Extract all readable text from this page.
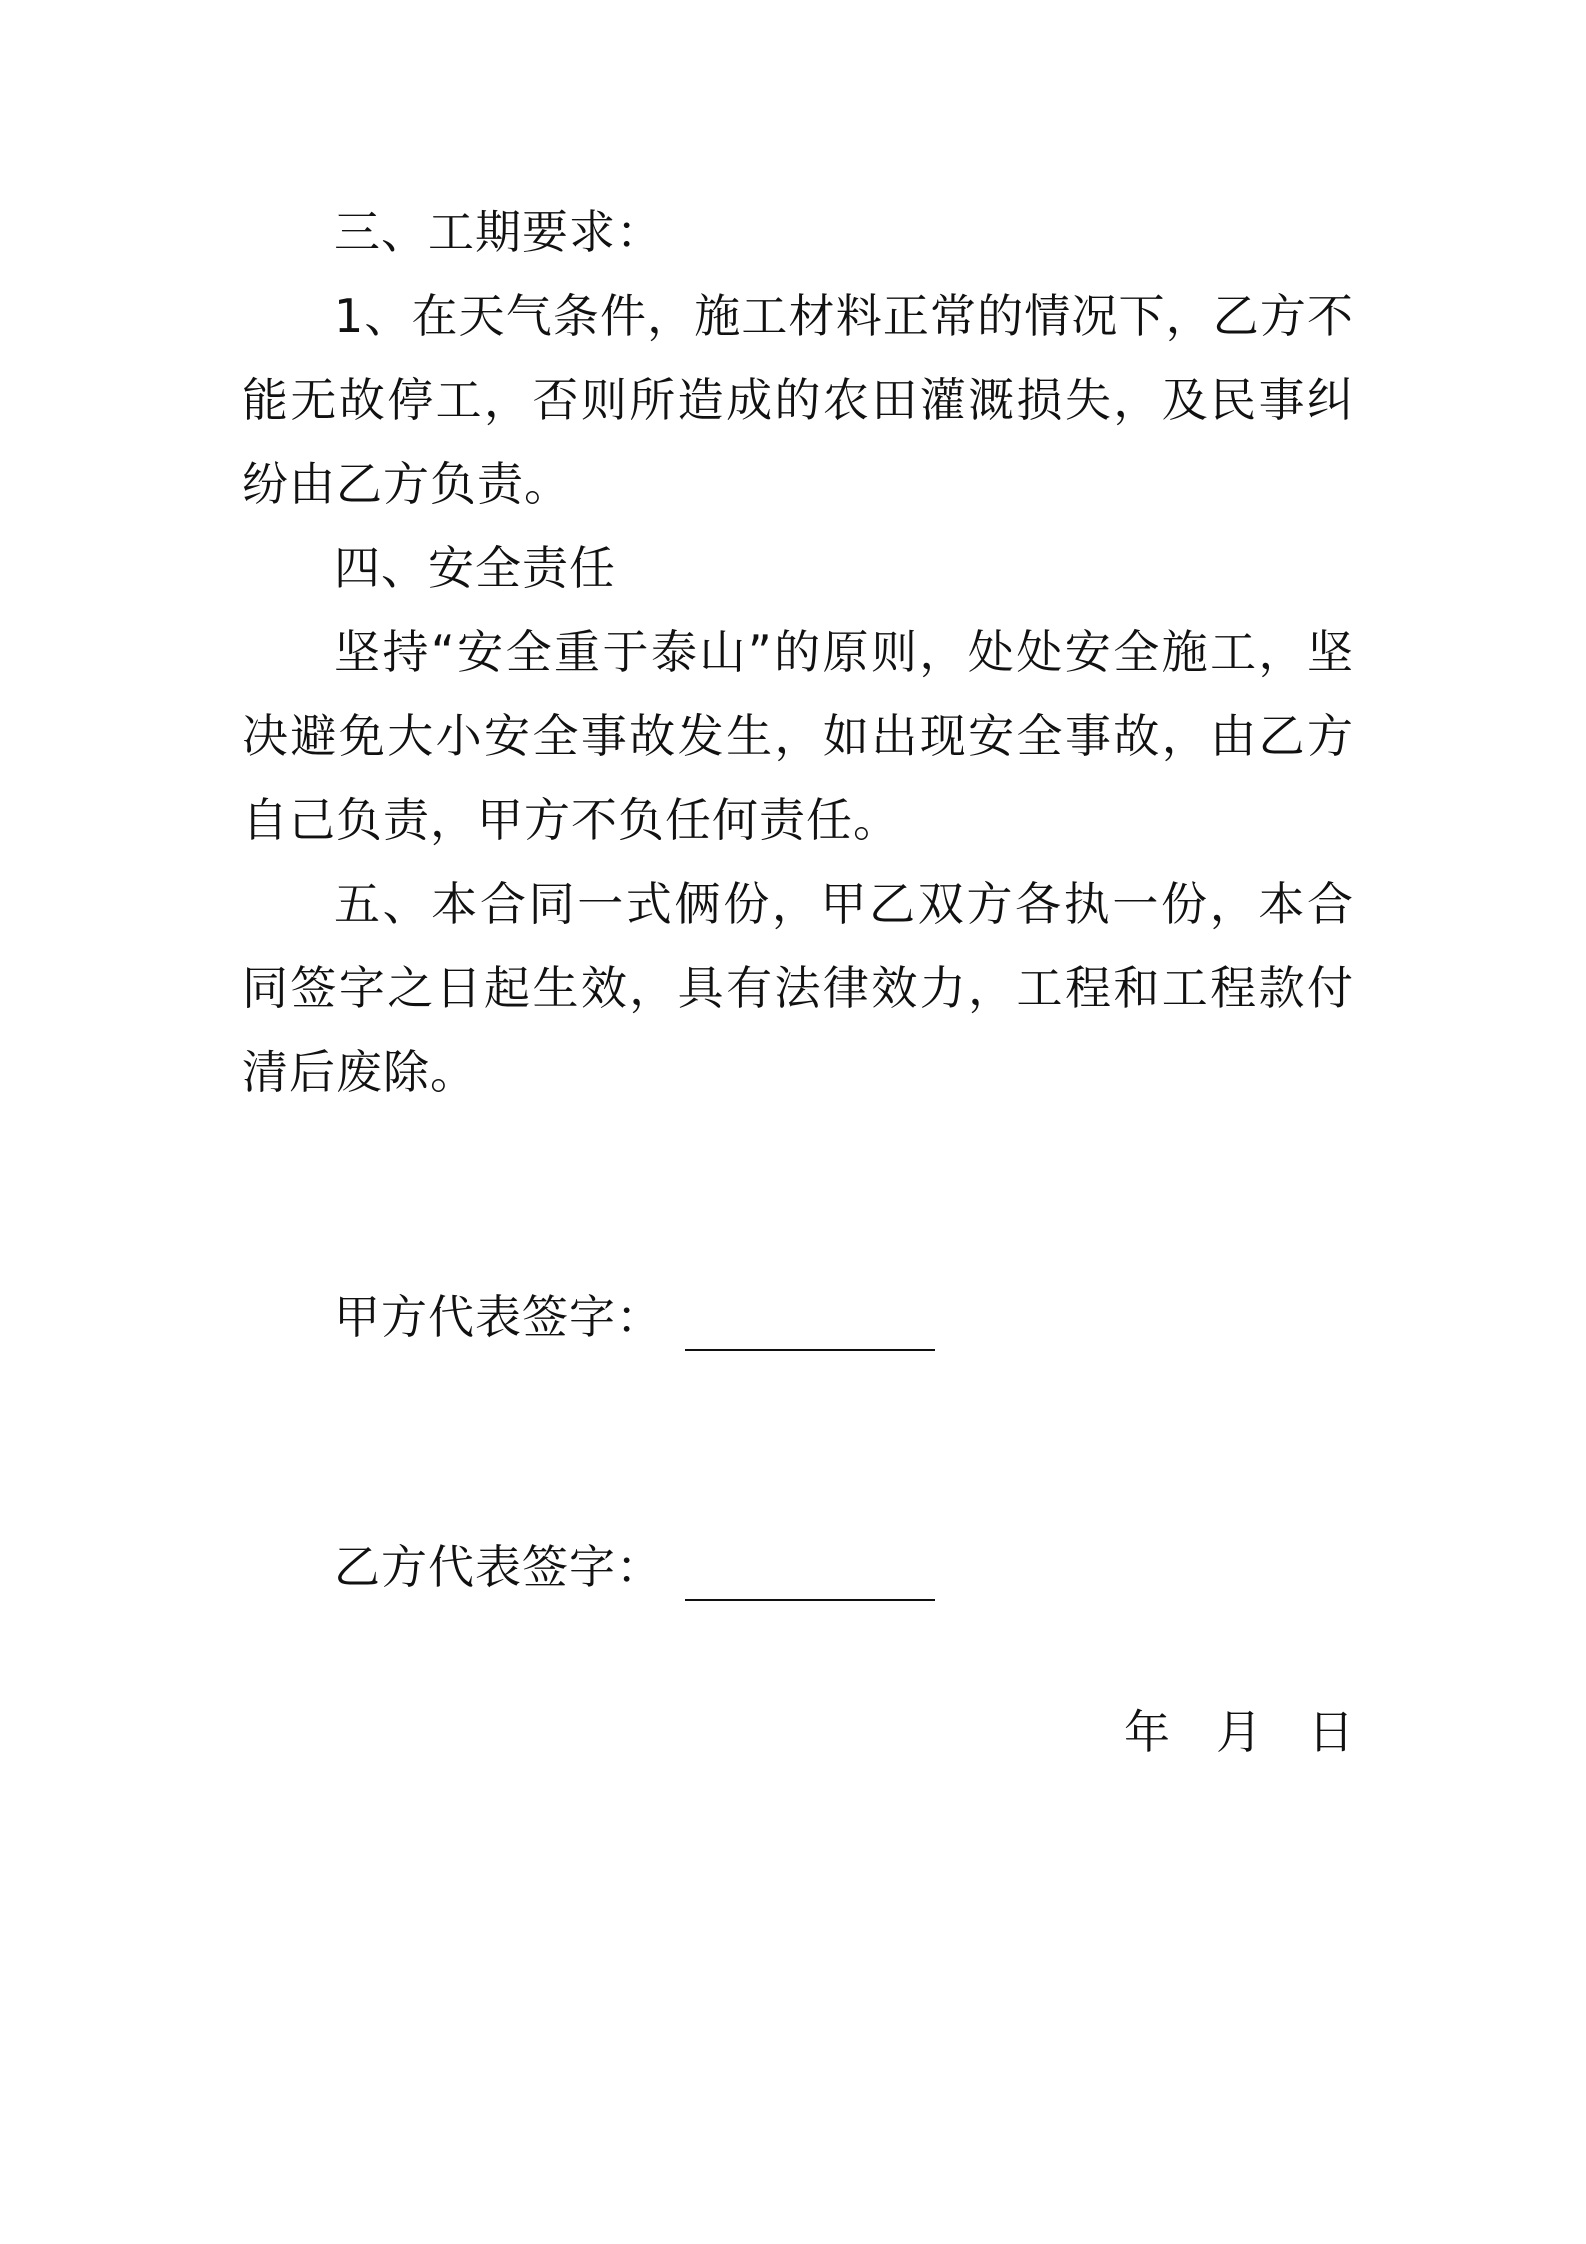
三、工期要求：

1、在天气条件，施工材料正常的情况下，乙方不能无故停工，否则所造成的农田灌溉损失，及民事纠纷由乙方负责。

四、安全责任

坚持“安全重于泰山”的原则，处处安全施工，坚决避免大小安全事故发生，如出现安全事故，由乙方自己负责，甲方不负任何责任。

五、本合同一式俩份，甲乙双方各执一份，本合同签字之日起生效，具有法律效力，工程和工程款付清后废除。

甲方代表签字：
乙方代表签字：
年 月 日
